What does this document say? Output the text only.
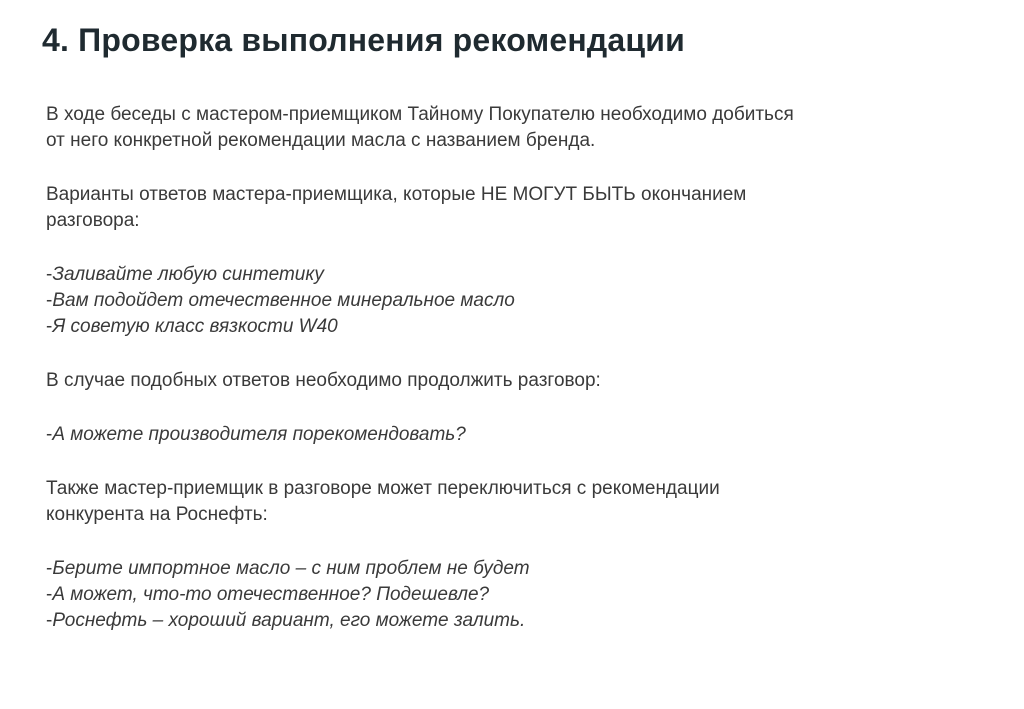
4. Проверка выполнения рекомендации
В ходе беседы с мастером-приемщиком Тайному Покупателю необходимо добиться
от него конкретной рекомендации масла с названием бренда.
Варианты ответов мастера-приемщика, которые НЕ МОГУТ БЫТЬ окончанием
разговора:
-Заливайте любую синтетику
-Вам подойдет отечественное минеральное масло
-Я советую класс вязкости W40
В случае подобных ответов необходимо продолжить разговор:
-А можете производителя порекомендовать?
Также мастер-приемщик в разговоре может переключиться с рекомендации
конкурента на Роснефть:
-Берите импортное масло – с ним проблем не будет
-А может, что-то отечественное? Подешевле?
-Роснефть – хороший вариант, его можете залить.
